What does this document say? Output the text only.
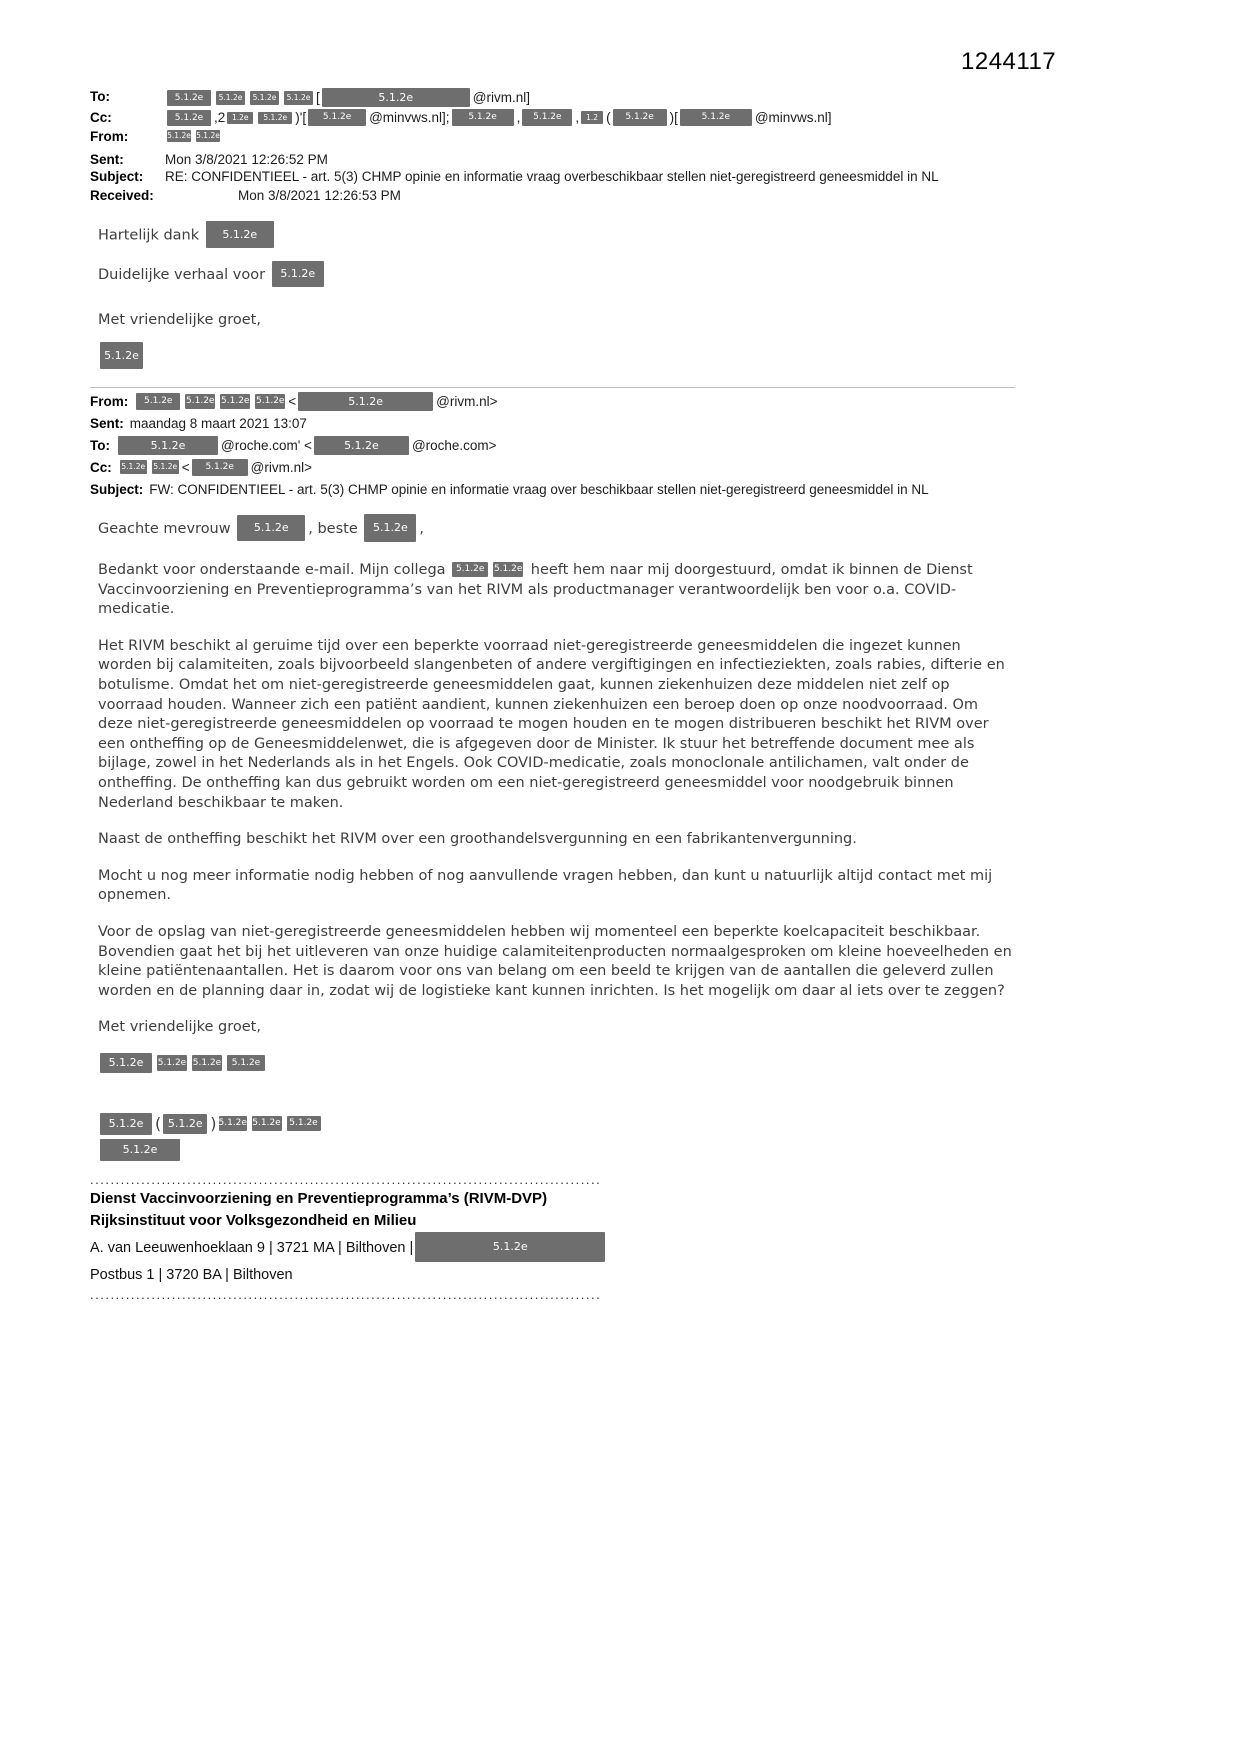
1244117
To:	5.1.2e 5.1.2e 5.1.2e 5.1.2e [	5.1.2e	@rivm.nl]
Cc:	5.1.2e ,2 1.2e 5.1.2e )'[ 5.1.2e @minvws.nl]; 5.1.2e , 5.1.2e , 1.2 ( 5.1.2e )[	5.1.2e @minvws.nl]
From:	5.1.2e 5.1.2e
Sent:	Mon 3/8/2021 12:26:52 PM
Subject: RE: CONFIDENTIEEL - art. 5(3) CHMP opinie en informatie vraag overbeschikbaar stellen niet-geregistreerd geneesmiddel in NL
Received:	Mon 3/8/2021 12:26:53 PM
Hartelijk dank 5.1.2e
Duidelijke verhaal voor 5.1.2e
Met vriendelijke groet,
5.1.2e
From: 5.1.2e 5.1.2e 5.1.2e 5.1.2e <	5.1.2e	@rivm.nl>
Sent: maandag 8 maart 2021 13:07
To:	5.1.2e	@roche.com' <	5.1.2e @roche.com>
Cc: 5.1.2e 5.1.2e < 5.1.2e @rivm.nl>
Subject: FW: CONFIDENTIEEL - art. 5(3) CHMP opinie en informatie vraag over beschikbaar stellen niet-geregistreerd geneesmiddel in NL

Geachte mevrouw 5.1.2e , beste 5.1.2e ,

Bedankt voor onderstaande e-mail. Mijn collega 5.1.2e 5.1.2e heeft hem naar mij doorgestuurd, omdat ik binnen de Dienst Vaccinvoorziening en Preventieprogramma’s van het RIVM als productmanager verantwoordelijk ben voor o.a. COVID-medicatie.

Het RIVM beschikt al geruime tijd over een beperkte voorraad niet-geregistreerde geneesmiddelen die ingezet kunnen worden bij calamiteiten, zoals bijvoorbeeld slangenbeten of andere vergiftigingen en infectieziekten, zoals rabies, difterie en botulisme. Omdat het om niet-geregistreerde geneesmiddelen gaat, kunnen ziekenhuizen deze middelen niet zelf op voorraad houden. Wanneer zich een patiënt aandient, kunnen ziekenhuizen een beroep doen op onze noodvoorraad. Om deze niet-geregistreerde geneesmiddelen op voorraad te mogen houden en te mogen distribueren beschikt het RIVM over een ontheffing op de Geneesmiddelenwet, die is afgegeven door de Minister. Ik stuur het betreffende document mee als bijlage, zowel in het Nederlands als in het Engels. Ook COVID-medicatie, zoals monoclonale antilichamen, valt onder de ontheffing. De ontheffing kan dus gebruikt worden om een niet-geregistreerd geneesmiddel voor noodgebruik binnen Nederland beschikbaar te maken.

Naast de ontheffing beschikt het RIVM over een groothandelsvergunning en een fabrikantenvergunning.

Mocht u nog meer informatie nodig hebben of nog aanvullende vragen hebben, dan kunt u natuurlijk altijd contact met mij opnemen.

Voor de opslag van niet-geregistreerde geneesmiddelen hebben wij momenteel een beperkte koelcapaciteit beschikbaar. Bovendien gaat het bij het uitleveren van onze huidige calamiteitenproducten normaalgesproken om kleine hoeveelheden en kleine patiëntenaantallen. Het is daarom voor ons van belang om een beeld te krijgen van de aantallen die geleverd zullen worden en de planning daar in, zodat wij de logistieke kant kunnen inrichten. Is het mogelijk om daar al iets over te zeggen?

Met vriendelijke groet,

5.1.2e 5.1.2e 5.1.2e 5.1.2e
5.1.2e ( 5.1.2e ) 5.1.2e 5.1.2e 5.1.2e
5.1.2e
....................................................................................................
Dienst Vaccinvoorziening en Preventieprogramma’s (RIVM-DVP)
Rijksinstituut voor Volksgezondheid en Milieu
A. van Leeuwenhoeklaan 9 | 3721 MA | Bilthoven |	5.1.2e
Postbus 1 | 3720 BA | Bilthoven
....................................................................................................
